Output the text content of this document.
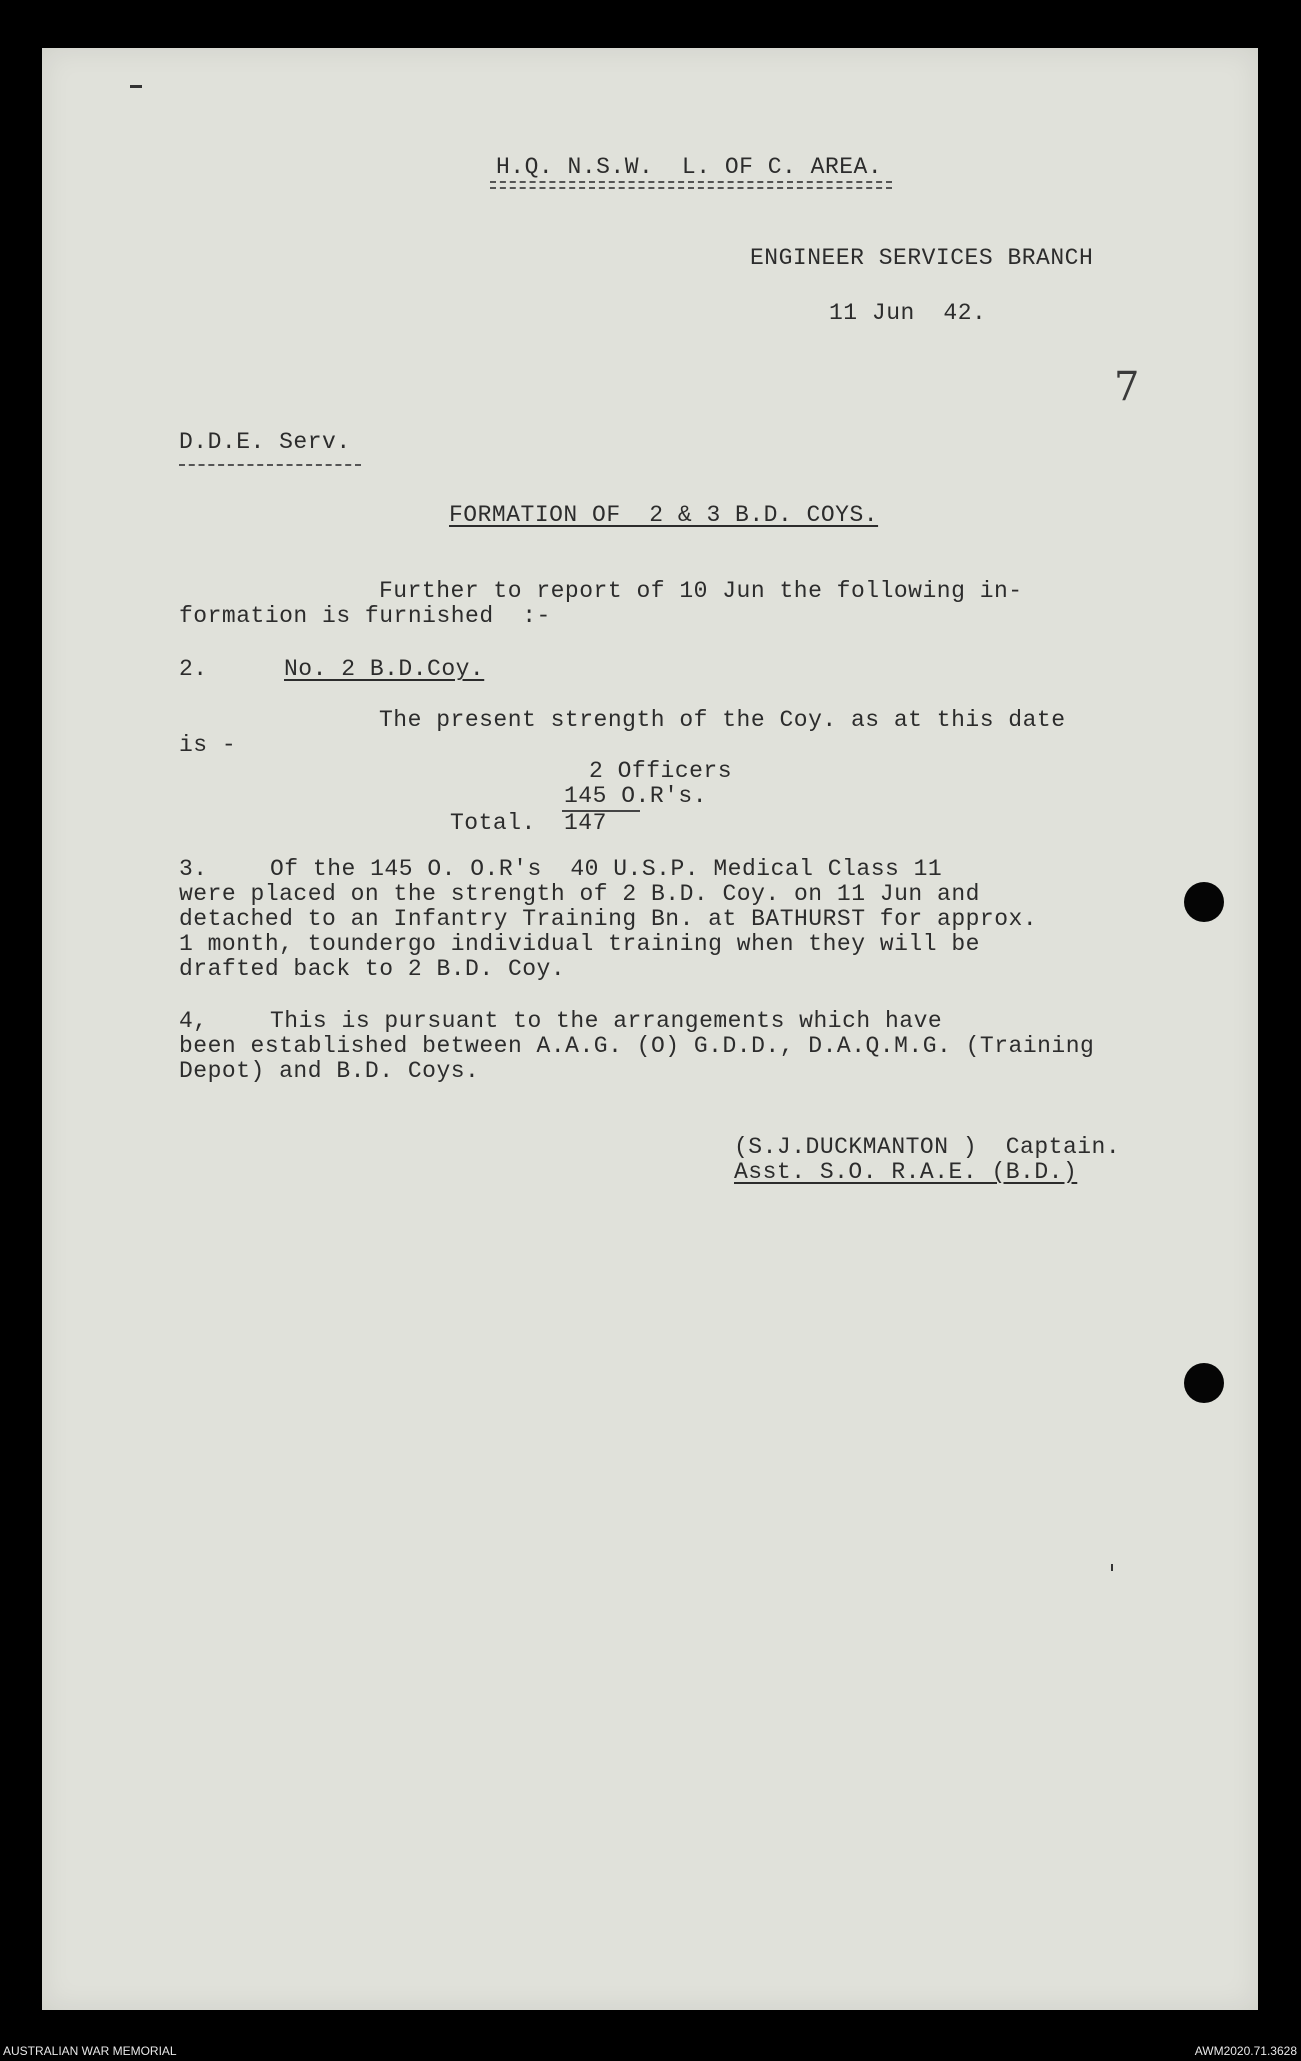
H.Q. N.S.W.  L. OF C. AREA.
ENGINEER SERVICES BRANCH
11 Jun  42.
7
D.D.E. Serv.
FORMATION OF  2 & 3 B.D. COYS.
Further to report of 10 Jun the following in-
formation is furnished  :-
2.	No. 2 B.D.Coy.
The present strength of the Coy. as at this date
is -
2 Officers
145 O.R's.
Total. 147
3.	Of the 145 O. O.R's  40 U.S.P. Medical Class 11
were placed on the strength of 2 B.D. Coy. on 11 Jun and
detached to an Infantry Training Bn. at BATHURST for approx.
1 month, toundergo individual training when they will be
drafted back to 2 B.D. Coy.
4,	This is pursuant to the arrangements which have
been established between A.A.G. (O) G.D.D., D.A.Q.M.G. (Training
Depot) and B.D. Coys.
(S.J.DUCKMANTON )  Captain.
Asst. S.O. R.A.E. (B.D.)
AUSTRALIAN WAR MEMORIAL	AWM2020.71.3628
